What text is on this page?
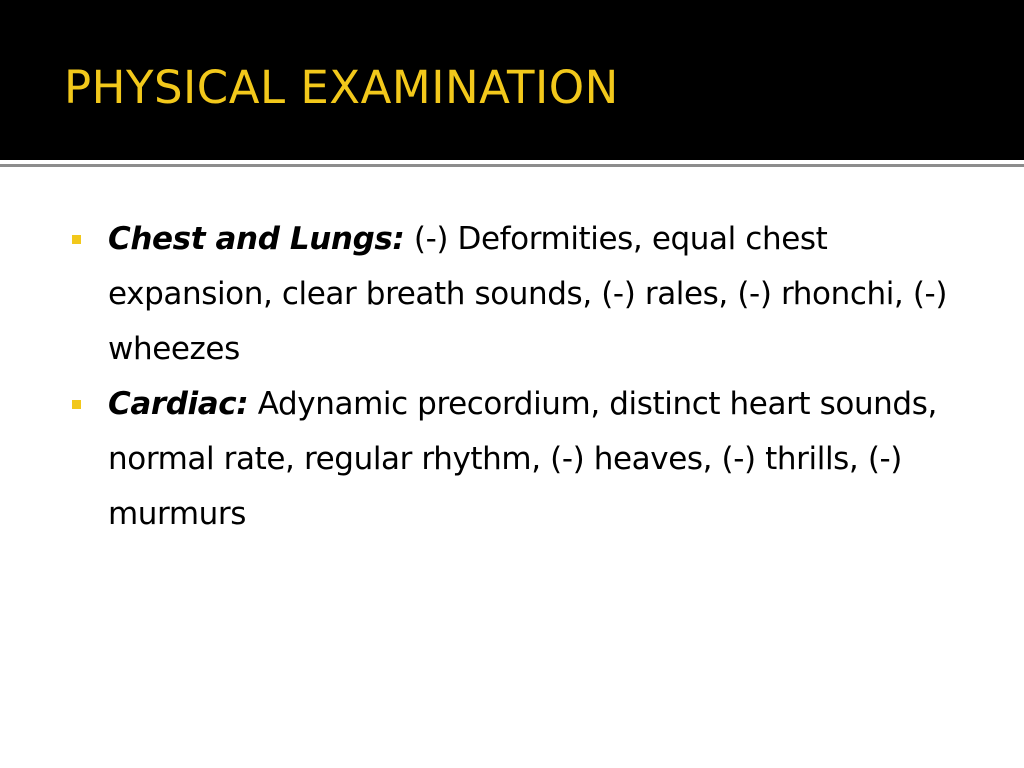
PHYSICAL EXAMINATION
Chest and Lungs: (-) Deformities, equal chest expansion, clear breath sounds, (-) rales, (-) rhonchi, (-) wheezes
Cardiac: Adynamic precordium, distinct heart sounds, normal rate, regular rhythm, (-) heaves, (-) thrills, (-) murmurs
